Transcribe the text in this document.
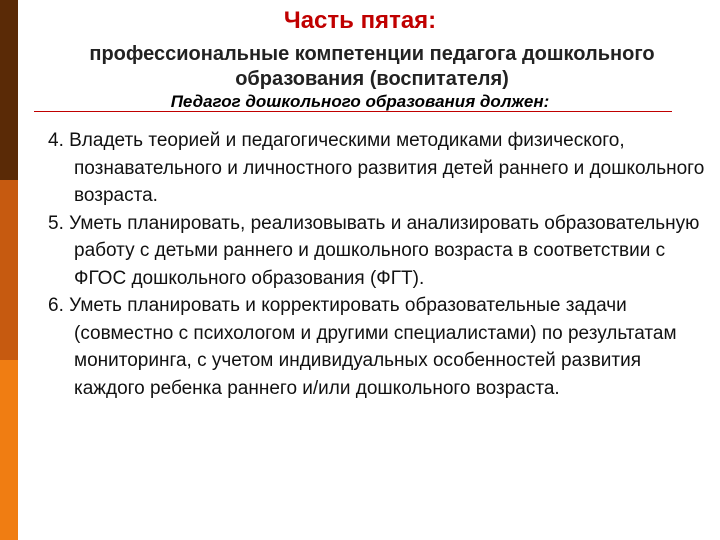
Часть пятая:
профессиональные компетенции педагога дошкольного образования (воспитателя)
Педагог дошкольного образования должен:
4. Владеть теорией и педагогическими методиками физического, познавательного и личностного развития детей раннего и дошкольного возраста.
5. Уметь планировать, реализовывать и анализировать образовательную работу с детьми раннего и дошкольного возраста в соответствии с ФГОС дошкольного образования (ФГТ).
6. Уметь планировать и корректировать образовательные задачи (совместно с психологом и другими специалистами) по результатам мониторинга, с учетом индивидуальных особенностей развития каждого ребенка раннего и/или дошкольного возраста.
